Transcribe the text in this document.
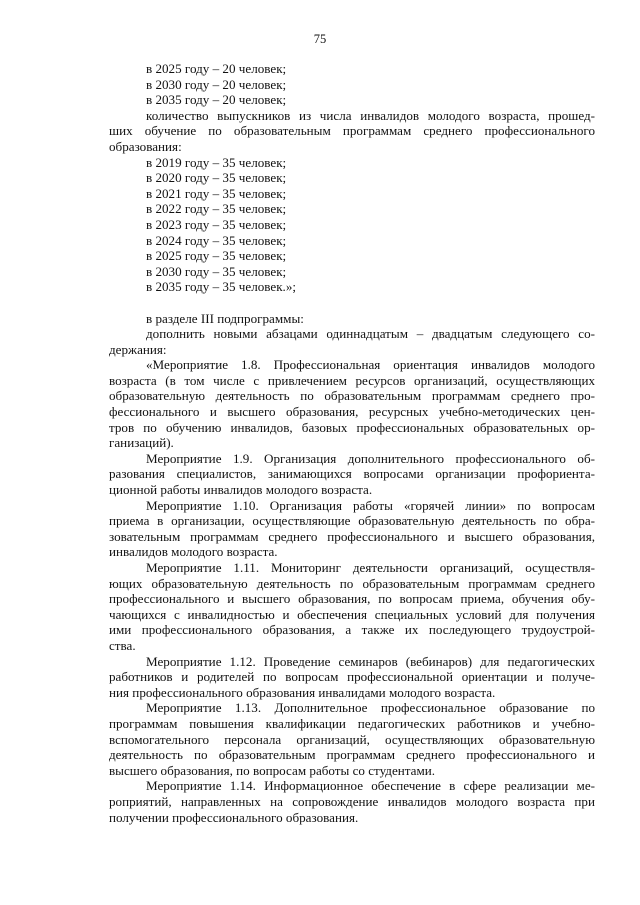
75

в 2025 году – 20 человек;

в 2030 году – 20 человек;

в 2035 году – 20 человек;

количество выпускников из числа инвалидов молодого возраста, прошед-

ших обучение по образовательным программам среднего профессионального

образования:

в 2019 году – 35 человек;

в 2020 году – 35 человек;

в 2021 году – 35 человек;

в 2022 году – 35 человек;

в 2023 году – 35 человек;

в 2024 году – 35 человек;

в 2025 году – 35 человек;

в 2030 году – 35 человек;

в 2035 году – 35 человек.»;

в разделе III подпрограммы:

дополнить новыми абзацами одиннадцатым – двадцатым следующего со-

держания:

«Мероприятие 1.8. Профессиональная ориентация инвалидов молодого

возраста (в том числе с привлечением ресурсов организаций, осуществляющих

образовательную деятельность по образовательным программам среднего про-

фессионального и высшего образования, ресурсных учебно-методических цен-

тров по обучению инвалидов, базовых профессиональных образовательных ор-

ганизаций).

Мероприятие 1.9. Организация дополнительного профессионального об-

разования специалистов, занимающихся вопросами организации профориента-

ционной работы инвалидов молодого возраста.

Мероприятие 1.10. Организация работы «горячей линии» по вопросам

приема в организации, осуществляющие образовательную деятельность по обра-

зовательным программам среднего профессионального и высшего образования,

инвалидов молодого возраста.

Мероприятие 1.11. Мониторинг деятельности организаций, осуществля-

ющих образовательную деятельность по образовательным программам среднего

профессионального и высшего образования, по вопросам приема, обучения обу-

чающихся с инвалидностью и обеспечения специальных условий для получения

ими профессионального образования, а также их последующего трудоустрой-

ства.

Мероприятие 1.12. Проведение семинаров (вебинаров) для педагогических

работников и родителей по вопросам профессиональной ориентации и получе-

ния профессионального образования инвалидами молодого возраста.

Мероприятие 1.13. Дополнительное профессиональное образование по

программам повышения квалификации педагогических работников и учебно-

вспомогательного персонала организаций, осуществляющих образовательную

деятельность по образовательным программам среднего профессионального и

высшего образования, по вопросам работы со студентами.

Мероприятие 1.14. Информационное обеспечение в сфере реализации ме-

роприятий, направленных на сопровождение инвалидов молодого возраста при

получении профессионального образования.
